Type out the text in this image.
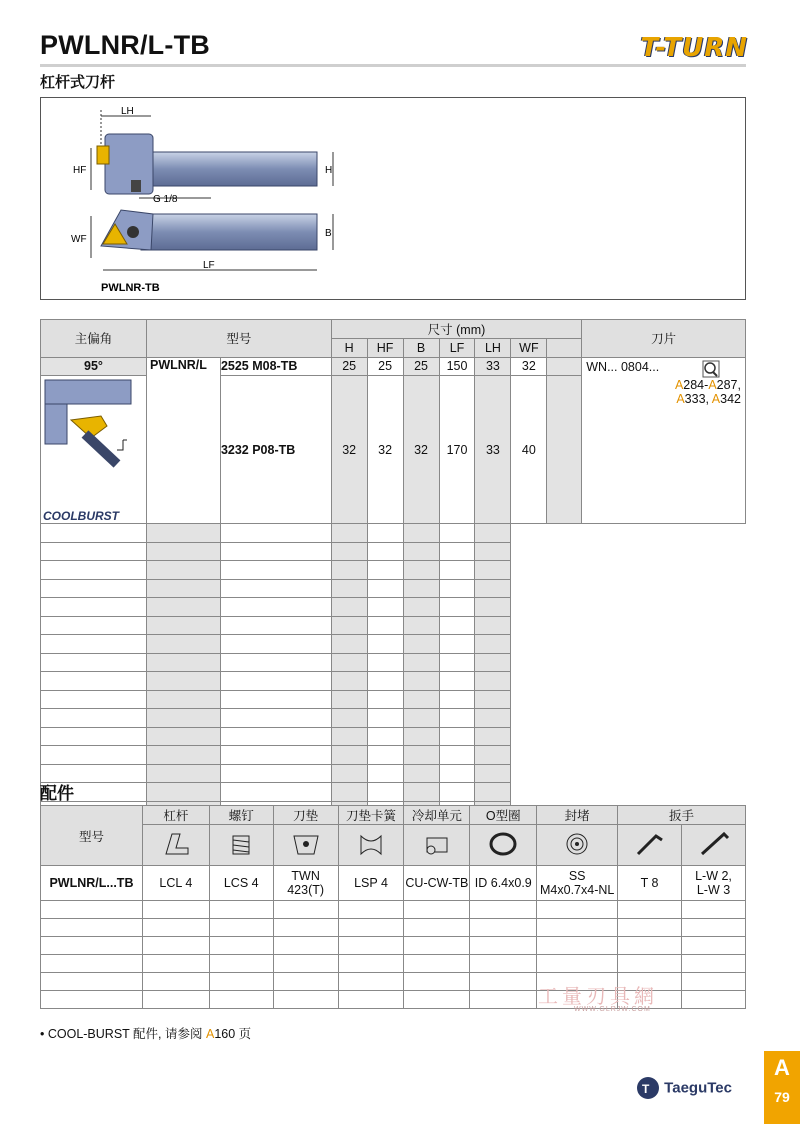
PWLNR/L-TB	T-TURN
杠杆式刀杆
LH
HF	H
G 1/8
WF
B
LF
PWLNR-TB
主偏角	型号		尺寸 (mm)							刀片
			H	HF	B	LF	LH	WF		
95°	PWLNR/L	2525 M08-TB	25	25	25	150	33	32		WN... 0804...
A284-A287,
A333, A342

COOLBURST		3232 P08-TB	32	32	32	170	33	40		

配件
型号	杠杆	螺钉	刀垫	刀垫卡簧	冷却单元	O型圈	封堵	扳手	

PWLNR/L...TB	LCL 4	LCS 4	TWN
423(T)	LSP 4	CU-CW-TB	ID 6.4x0.9	SS
M4x0.7x4-NL	T 8	L-W 2,
L-W 3

• COOL-BURST 配件, 请参阅 A160 页
工量刃具網
WWW.GLRJW.COM
T TaeguTec
A
79
